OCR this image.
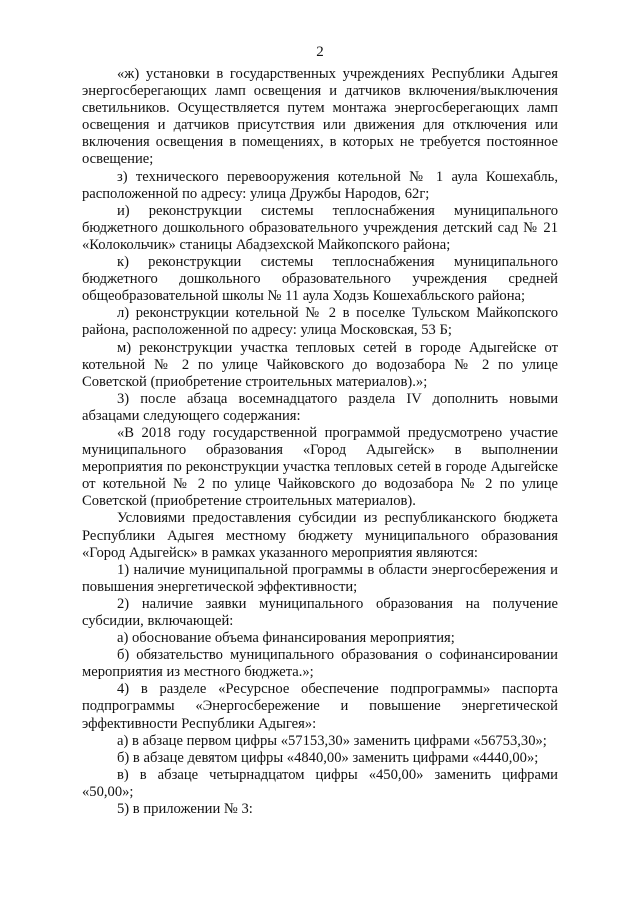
2

«ж) установки в государственных учреждениях Республики Адыгея энергосберегающих ламп освещения и датчиков включения/выключения светильников. Осуществляется путем монтажа энергосберегающих ламп освещения и датчиков присутствия или движения для отключения или включения освещения в помещениях, в которых не требуется постоянное освещение;

з) технического перевооружения котельной № 1 аула Кошехабль, расположенной по адресу: улица Дружбы Народов, 62г;

и) реконструкции системы теплоснабжения муниципального бюджетного дошкольного образовательного учреждения детский сад № 21 «Колокольчик» станицы Абадзехской Майкопского района;

к) реконструкции системы теплоснабжения муниципального бюджетного дошкольного образовательного учреждения средней общеобразовательной школы № 11 аула Ходзь Кошехабльского района;

л) реконструкции котельной № 2 в поселке Тульском Майкопского района, расположенной по адресу: улица Московская, 53 Б;

м) реконструкции участка тепловых сетей в городе Адыгейске от котельной № 2 по улице Чайковского до водозабора № 2 по улице Советской (приобретение строительных материалов).»;

3) после абзаца восемнадцатого раздела IV дополнить новыми абзацами следующего содержания:

«В 2018 году государственной программой предусмотрено участие муниципального образования «Город Адыгейск» в выполнении мероприятия по реконструкции участка тепловых сетей в городе Адыгейске от котельной № 2 по улице Чайковского до водозабора № 2 по улице Советской (приобретение строительных материалов).

Условиями предоставления субсидии из республиканского бюджета Республики Адыгея местному бюджету муниципального образования «Город Адыгейск» в рамках указанного мероприятия являются:

1) наличие муниципальной программы в области энергосбережения и повышения энергетической эффективности;

2) наличие заявки муниципального образования на получение субсидии, включающей:

а) обоснование объема финансирования мероприятия;

б) обязательство муниципального образования о софинансировании мероприятия из местного бюджета.»;

4) в разделе «Ресурсное обеспечение подпрограммы» паспорта подпрограммы «Энергосбережение и повышение энергетической эффективности Республики Адыгея»:

а) в абзаце первом цифры «57153,30» заменить цифрами «56753,30»;

б) в абзаце девятом цифры «4840,00» заменить цифрами «4440,00»;

в) в абзаце четырнадцатом цифры «450,00» заменить цифрами «50,00»;

5) в приложении № 3:
